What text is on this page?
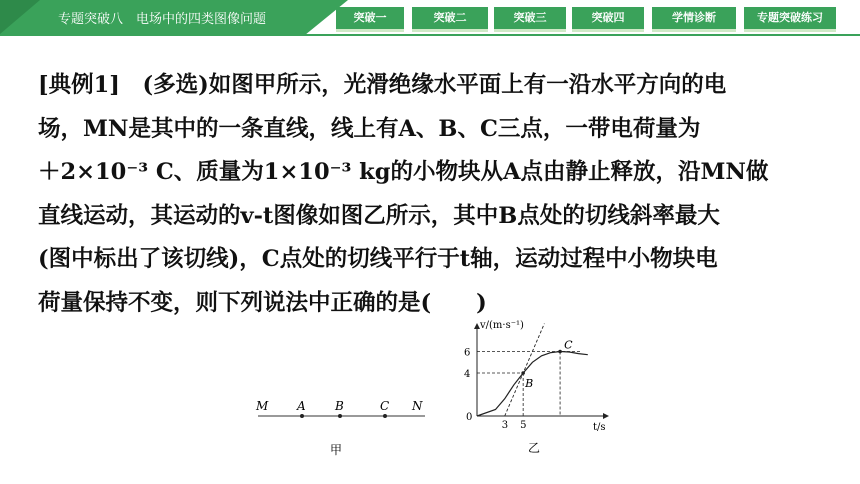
专题突破八　电场中的四类图像问题	突破一	突破二	突破三	突破四	学情诊断	专题突破练习
[典例1]　(多选)如图甲所示，光滑绝缘水平面上有一沿水平方向的电
场，MN是其中的一条直线，线上有A、B、C三点，一带电荷量为
＋2×10⁻³ C、质量为1×10⁻³ kg的小物块从A点由静止释放，沿MN做
直线运动，其运动的v-t图像如图乙所示，其中B点处的切线斜率最大
(图中标出了该切线)，C点处的切线平行于t轴，运动过程中小物块电
荷量保持不变，则下列说法中正确的是(　　)
M A B	C N
甲
v/(m·s⁻¹)
t/s
0
4
6
3 5
B
C
乙
